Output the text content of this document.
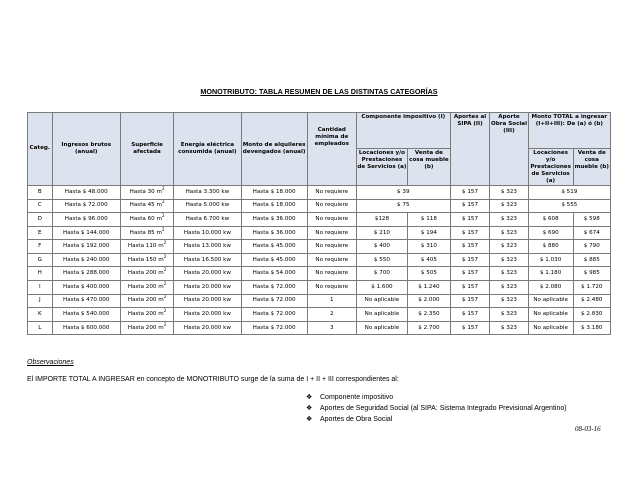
MONOTRIBUTO: TABLA RESUMEN DE LAS DISTINTAS CATEGORÍAS
Categ.	Ingresos brutos (anual)	Superficie afectada	Energía eléctrica consumida (anual)	Monto de alquileres devengados (anual)	Cantidad mínima de empleados	Componente impositivo (I)		Aportes al SIPA (II)	Aporte Obra Social (III)	Monto TOTAL a ingresar (I+II+III): De (a) ó (b)	
						Locaciones y/o Prestaciones de Servicios (a)	Venta de cosa mueble (b)			Locaciones y/o Prestaciones de Servicios (a)	Venta de cosa mueble (b)
B	Hasta $ 48.000	Hasta 30 $m^2$	Hasta 3.300 kw	Hasta $ 18.000	No requiere	$ 39		$ 157	$ 323	$ 519	
C	Hasta $ 72.000	Hasta 45 $m^2$	Hasta 5.000 kw	Hasta $ 18.000	No requiere	$ 75		$ 157	$ 323	$ 555	
D	Hasta $ 96.000	Hasta 60 $m^2$	Hasta 6.700 kw	Hasta $ 36.000	No requiere	$128	$ 118	$ 157	$ 323	$ 608	$ 598
E	Hasta $ 144.000	Hasta 85 $m^2$	Hasta 10.000 kw	Hasta $ 36.000	No requiere	$ 210	$ 194	$ 157	$ 323	$ 690	$ 674
F	Hasta $ 192.000	Hasta 110 $m^2$	Hasta 13.000 kw	Hasta $ 45.000	No requiere	$ 400	$ 310	$ 157	$ 323	$ 880	$ 790
G	Hasta $ 240.000	Hasta 150 $m^2$	Hasta 16.500 kw	Hasta $ 45.000	No requiere	$ 550	$ 405	$ 157	$ 323	$ 1.030	$ 885
H	Hasta $ 288.000	Hasta 200 $m^2$	Hasta 20.000 kw	Hasta $ 54.000	No requiere	$ 700	$ 505	$ 157	$ 323	$ 1.180	$ 985
I	Hasta $ 400.000	Hasta 200 $m^2$	Hasta 20.000 kw	Hasta $ 72.000	No requiere	$ 1.600	$ 1.240	$ 157	$ 323	$ 2.080	$ 1.720
J	Hasta $ 470.000	Hasta 200 $m^2$	Hasta 20.000 kw	Hasta $ 72.000	1	No aplicable	$ 2.000	$ 157	$ 323	No aplicable	$ 2.480
K	Hasta $ 540.000	Hasta 200 $m^2$	Hasta 20.000 kw	Hasta $ 72.000	2	No aplicable	$ 2.350	$ 157	$ 323	No aplicable	$ 2.830
L	Hasta $ 600.000	Hasta 200 $m^2$	Hasta 20.000 kw	Hasta $ 72.000	3	No aplicable	$ 2.700	$ 157	$ 323	No aplicable	$ 3.180
Observaciones
El IMPORTE TOTAL A INGRESAR en concepto de MONOTRIBUTO surge de la suma de I + II + III correspondientes al:
❖	Componente impositivo
❖	Aportes de Seguridad Social (al SIPA: Sistema Integrado Previsional Argentino)
❖	Aportes de Obra Social
08-03-16
